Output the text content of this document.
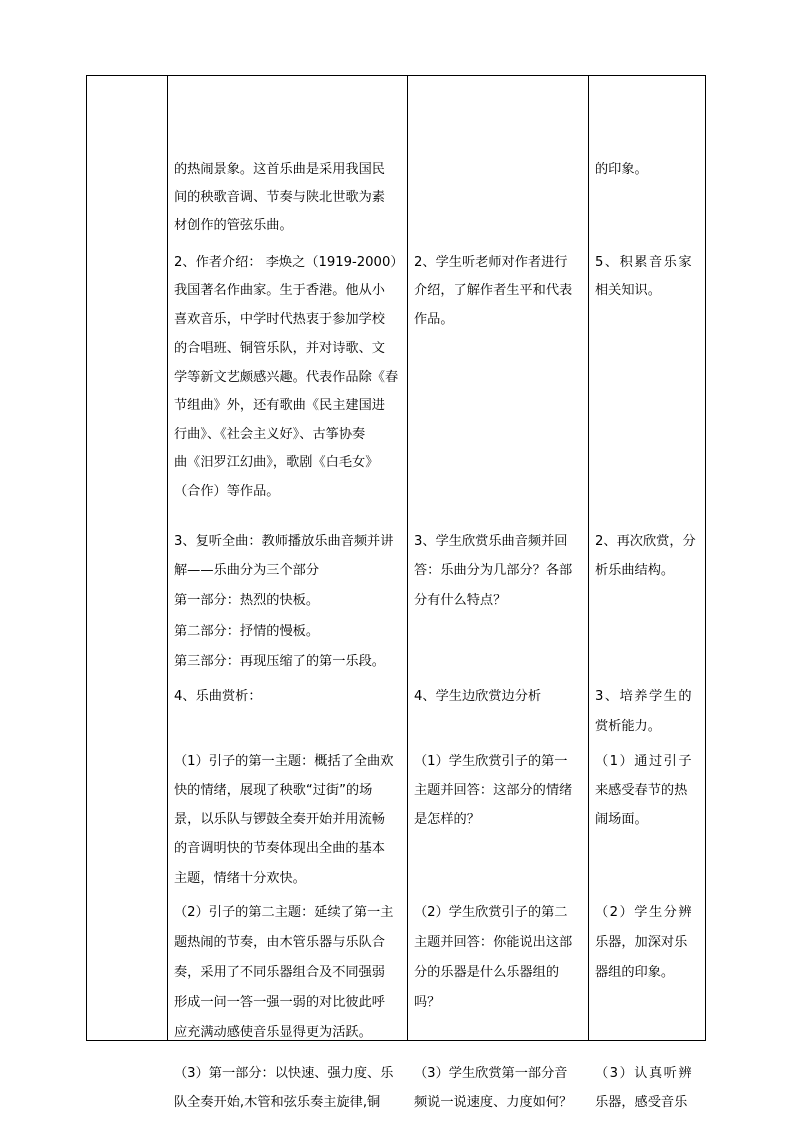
的热闹景象。这首乐曲是采用我国民
间的秧歌音调、节奏与陕北世歌为素
材创作的管弦乐曲。
2、作者介绍： 李焕之（1919-2000）
我国著名作曲家。生于香港。他从小
喜欢音乐，中学时代热衷于参加学校
的合唱班、铜管乐队，并对诗歌、文
学等新文艺颇感兴趣。代表作品除《春
节组曲》外，还有歌曲《民主建国进
行曲》、《社会主义好》、古筝协奏
曲《汨罗江幻曲》，歌剧《白毛女》
（合作）等作品。
3、复听全曲：教师播放乐曲音频并讲
解——乐曲分为三个部分
第一部分：热烈的快板。
第二部分：抒情的慢板。
第三部分：再现压缩了的第一乐段。
4、乐曲赏析：
（1）引子的第一主题：概括了全曲欢
快的情绪，展现了秧歌“过街”的场
景，以乐队与锣鼓全奏开始并用流畅
的音调明快的节奏体现出全曲的基本
主题，情绪十分欢快。
（2）引子的第二主题：延续了第一主
题热闹的节奏，由木管乐器与乐队合
奏，采用了不同乐器组合及不同强弱
形成一问一答一强一弱的对比彼此呼
应充满动感使音乐显得更为活跃。
（3）第一部分：以快速、强力度、乐
队全奏开始,木管和弦乐奏主旋律,铜
2、学生听老师对作者进行
介绍，了解作者生平和代表
作品。
3、学生欣赏乐曲音频并回
答：乐曲分为几部分？各部
分有什么特点？
4、学生边欣赏边分析
（1）学生欣赏引子的第一
主题并回答：这部分的情绪
是怎样的？
（2）学生欣赏引子的第二
主题并回答：你能说出这部
分的乐器是什么乐器组的
吗？
（3）学生欣赏第一部分音
频说一说速度、力度如何？
的印象。
5、积累音乐家
相关知识。
2、再次欣赏，分
析乐曲结构。
3、培养学生的
赏析能力。
（1）通过引子
来感受春节的热
闹场面。
（2）学生分辨
乐器，加深对乐
器组的印象。
（3）认真听辨
乐器，感受音乐
